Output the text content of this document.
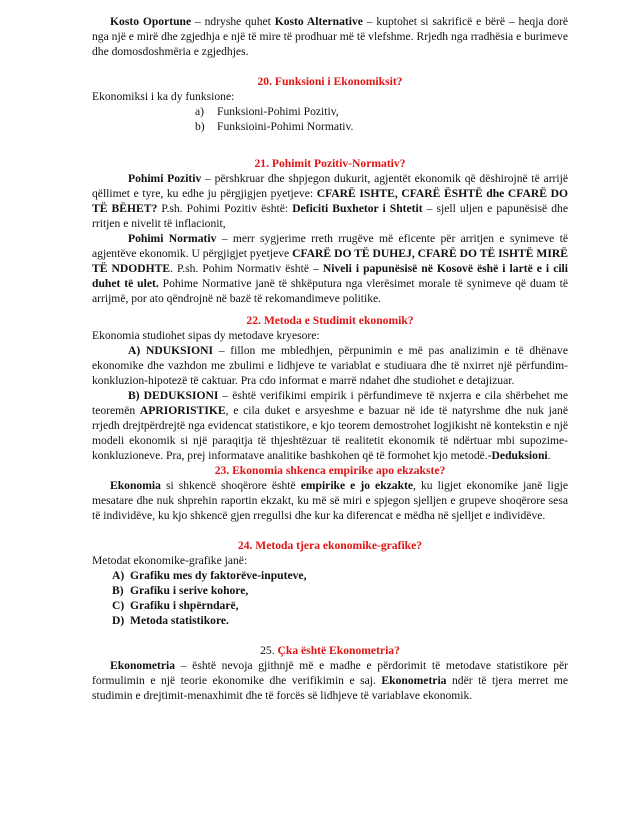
Kosto Oportune – ndryshe quhet Kosto Alternative – kuptohet si sakrificë e bërë – heqja dorë nga një e mirë dhe zgjedhja e një të mire të prodhuar më të vlefshme. Rrjedh nga rradhësia e burimeve dhe domosdoshmëria e zgjedhjes.

20. Funksioni i Ekonomiksit?

Ekonomiksi i ka dy funksione:

a) Funksioni-Pohimi Pozitiv,
b) Funksioini-Pohimi Normativ.

21. Pohimit Pozitiv-Normativ?

Pohimi Pozitiv – përshkruar dhe shpjegon dukurit, agjentët ekonomik që dëshirojnë të arrijë qëllimet e tyre, ku edhe ju përgjigjen pyetjeve: CFARË ISHTE, CFARË ËSHTË dhe CFARË DO TË BËHET? P.sh. Pohimi Pozitiv është: Deficiti Buxhetor i Shtetit – sjell uljen e papunësisë dhe rritjen e nivelit të inflacionit,

Pohimi Normativ – merr sygjerime rreth rrugëve më eficente për arritjen e synimeve të agjentëve ekonomik. U përgjigjet pyetjeve CFARË DO TË DUHEJ, CFARË DO TË ISHTË MIRË TË NDODHTE. P.sh. Pohim Normativ është – Niveli i papunësisë në Kosovë ëshë i lartë e i cili duhet të ulet. Pohime Normative janë të shkëputura nga vlerësimet morale të synimeve që duam të arrijmë, por ato qëndrojnë në bazë të rekomandimeve politike.

22. Metoda e Studimit ekonomik?

Ekonomia studiohet sipas dy metodave kryesore:

A) NDUKSIONI – fillon me mbledhjen, përpunimin e më pas analizimin e të dhënave ekonomike dhe vazhdon me zbulimi e lidhjeve te variablat e studiuara dhe të nxirret një përfundim-konkluzion-hipotezë të caktuar. Pra cdo informat e marrë ndahet dhe studiohet e detajizuar.

B) DEDUKSIONI – është verifikimi empirik i përfundimeve të nxjerra e cila shërbehet me teoremën APRIORISTIKE, e cila duket e arsyeshme e bazuar në ide të natyrshme dhe nuk janë rrjedh drejtpërdrejtë nga evidencat statistikore, e kjo teorem demostrohet logjikisht në kontekstin e një modeli ekonomik si një paraqitja të thjeshtëzuar të realitetit ekonomik të ndërtuar mbi supozime-konkluzioneve. Pra, prej informatave analitike bashkohen që të formohet kjo metodë.-Deduksioni.

23. Ekonomia shkenca empirike apo ekzakste?

Ekonomia si shkencë shoqërore është empirike e jo ekzakte, ku ligjet ekonomike janë ligje mesatare dhe nuk shprehin raportin ekzakt, ku më së miri e spjegon sjelljen e grupeve shoqërore sesa të individëve, ku kjo shkencë gjen rregullsi dhe kur ka diferencat e mëdha në sjelljet e individëve.

24. Metoda tjera ekonomike-grafike?

Metodat ekonomike-grafike janë:

A) Grafiku mes dy faktorëve-inputeve,
B) Grafiku i serive kohore,
C) Grafiku i shpërndarë,
D) Metoda statistikore.

25. Çka është Ekonometria?

Ekonometria – është nevoja gjithnjë më e madhe e përdorimit të metodave statistikore për formulimin e një teorie ekonomike dhe verifikimin e saj. Ekonometria ndër të tjera merret me studimin e drejtimit-menaxhimit dhe të forcës së lidhjeve të variablave ekonomik.
